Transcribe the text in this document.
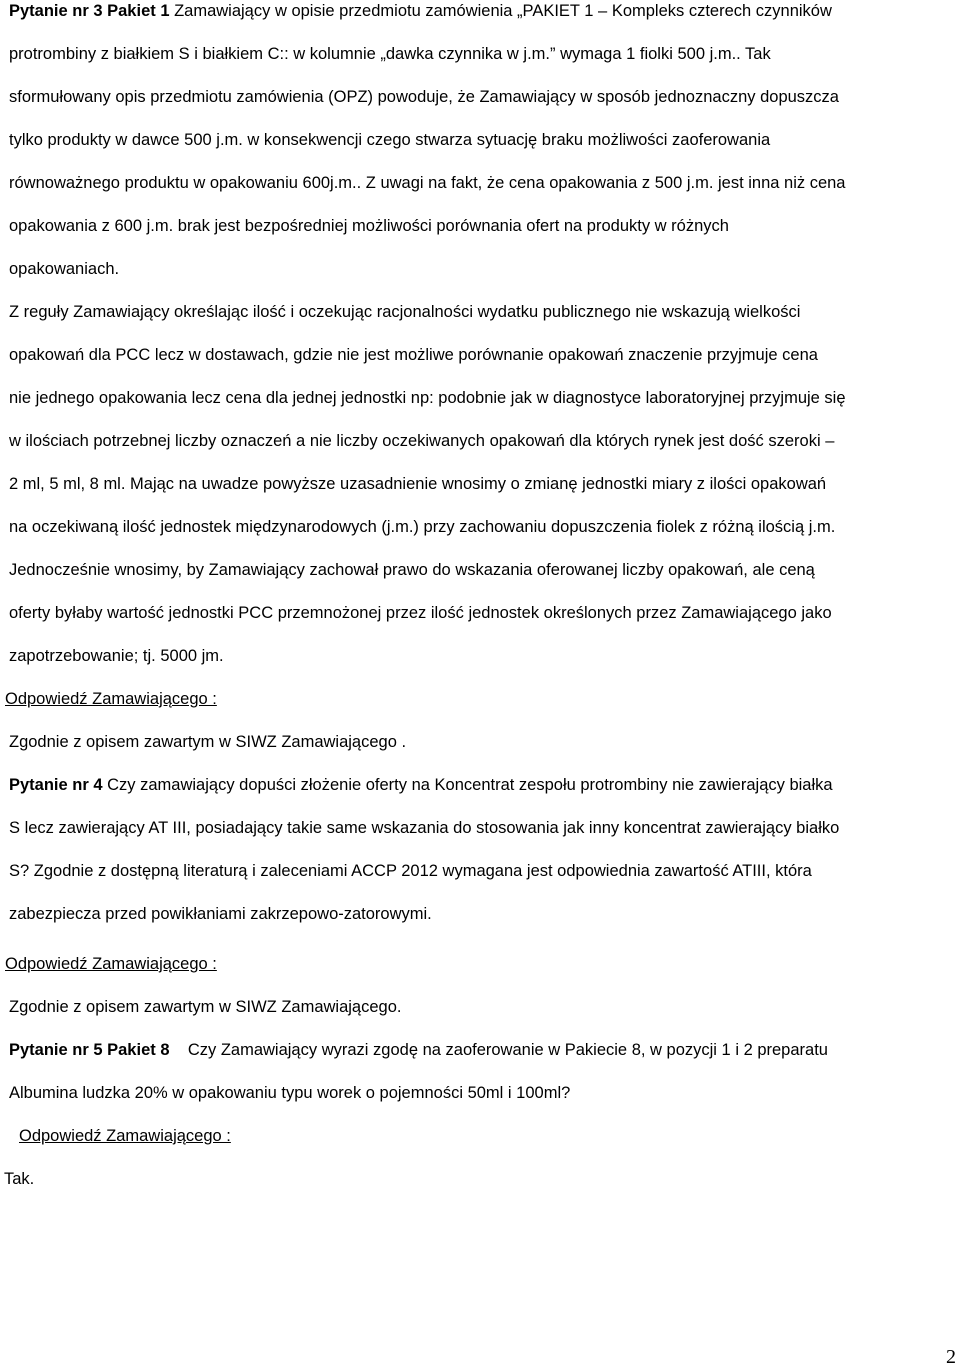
Pytanie nr 3 Pakiet 1 Zamawiający w opisie przedmiotu zamówienia „PAKIET 1 – Kompleks czterech czynników
protrombiny z białkiem S i białkiem C:: w kolumnie „dawka czynnika w j.m.” wymaga 1 fiolki 500 j.m.. Tak
sformułowany opis przedmiotu zamówienia (OPZ) powoduje, że Zamawiający w sposób jednoznaczny dopuszcza
tylko produkty w dawce 500 j.m. w konsekwencji czego stwarza sytuację braku możliwości zaoferowania
równoważnego produktu w opakowaniu 600j.m.. Z uwagi na fakt, że cena opakowania z 500 j.m. jest inna niż cena
opakowania z 600 j.m. brak jest bezpośredniej możliwości porównania ofert na produkty w różnych
opakowaniach.
Z reguły Zamawiający określając ilość i oczekując racjonalności wydatku publicznego nie wskazują wielkości
opakowań dla PCC lecz w dostawach, gdzie nie jest możliwe porównanie opakowań znaczenie przyjmuje cena
nie jednego opakowania lecz cena dla jednej jednostki np: podobnie jak w diagnostyce laboratoryjnej przyjmuje się
w ilościach potrzebnej liczby oznaczeń a nie liczby oczekiwanych opakowań dla których rynek jest dość szeroki –
2 ml, 5 ml, 8 ml. Mając na uwadze powyższe uzasadnienie wnosimy o zmianę jednostki miary z ilości opakowań
na oczekiwaną ilość jednostek międzynarodowych (j.m.) przy zachowaniu dopuszczenia fiolek z różną ilością j.m.
Jednocześnie wnosimy, by Zamawiający zachował prawo do wskazania oferowanej liczby opakowań, ale ceną
oferty byłaby wartość jednostki PCC przemnożonej przez ilość jednostek określonych przez Zamawiającego jako
zapotrzebowanie; tj. 5000 jm.
Odpowiedź Zamawiającego :
Zgodnie z opisem zawartym w SIWZ Zamawiającego .
Pytanie nr 4 Czy zamawiający dopuści złożenie oferty na Koncentrat zespołu protrombiny nie zawierający białka
S lecz zawierający AT III, posiadający takie same wskazania do stosowania jak inny koncentrat zawierający białko
S? Zgodnie z dostępną literaturą i zaleceniami ACCP 2012 wymagana jest odpowiednia zawartość ATIII, która
zabezpiecza przed powikłaniami zakrzepowo-zatorowymi.
Odpowiedź Zamawiającego :
Zgodnie z opisem zawartym w SIWZ Zamawiającego.
Pytanie nr 5 Pakiet 8    Czy Zamawiający wyrazi zgodę na zaoferowanie w Pakiecie 8, w pozycji 1 i 2 preparatu
Albumina ludzka 20% w opakowaniu typu worek o pojemności 50ml i 100ml?
Odpowiedź Zamawiającego :
Tak.
2
